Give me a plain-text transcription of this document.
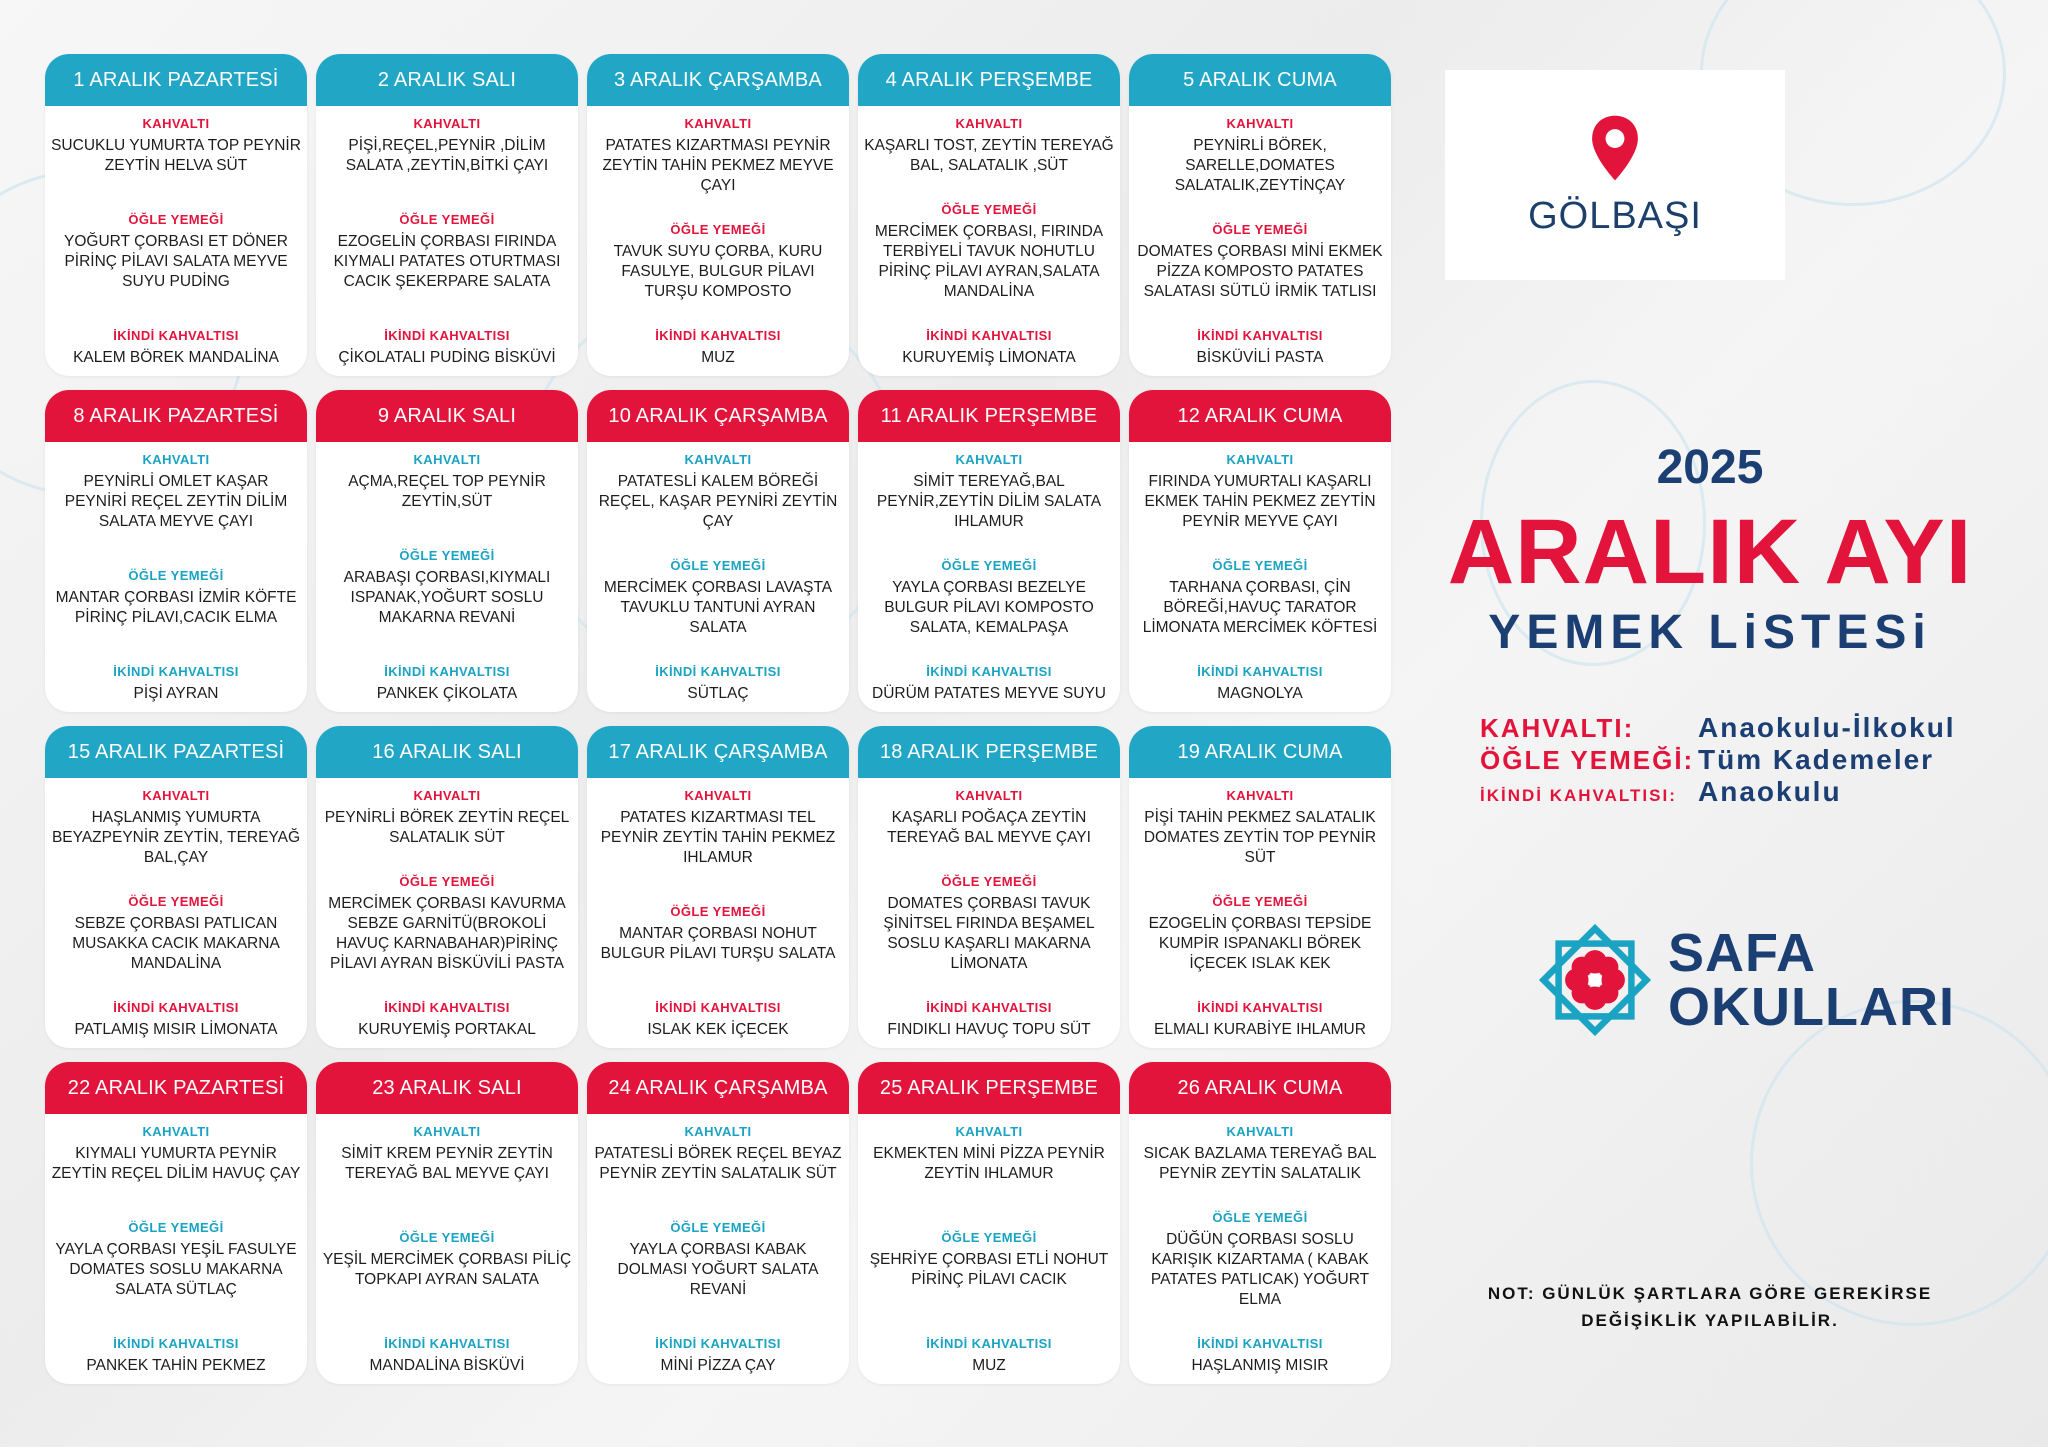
1 ARALIK PAZARTESİ
KAHVALTI
SUCUKLU YUMURTA TOP PEYNİR ZEYTİN HELVA SÜT
ÖĞLE YEMEĞİ
YOĞURT ÇORBASI ET DÖNER PİRİNÇ PİLAVI SALATA MEYVE SUYU PUDİNG
İKİNDİ KAHVALTISI
KALEM BÖREK MANDALİNA
2 ARALIK SALI
KAHVALTI
PİŞİ,REÇEL,PEYNİR ,DİLİM SALATA ,ZEYTİN,BİTKİ ÇAYI
ÖĞLE YEMEĞİ
EZOGELİN ÇORBASI FIRINDA KIYMALI PATATES OTURTMASI CACIK ŞEKERPARE SALATA
İKİNDİ KAHVALTISI
ÇİKOLATALI PUDİNG BİSKÜVİ
3 ARALIK ÇARŞAMBA
KAHVALTI
PATATES KIZARTMASI PEYNİR ZEYTİN TAHİN PEKMEZ MEYVE ÇAYI
ÖĞLE YEMEĞİ
TAVUK SUYU ÇORBA, KURU FASULYE, BULGUR PİLAVI TURŞU KOMPOSTO
İKİNDİ KAHVALTISI
MUZ
4 ARALIK PERŞEMBE
KAHVALTI
KAŞARLI TOST, ZEYTİN TEREYAĞ BAL, SALATALIK ,SÜT
ÖĞLE YEMEĞİ
MERCİMEK ÇORBASI, FIRINDA TERBİYELİ TAVUK NOHUTLU PİRİNÇ PİLAVI AYRAN,SALATA MANDALİNA
İKİNDİ KAHVALTISI
KURUYEMİŞ LİMONATA
5 ARALIK CUMA
KAHVALTI
PEYNİRLİ BÖREK, SARELLE,DOMATES SALATALIK,ZEYTİNÇAY
ÖĞLE YEMEĞİ
DOMATES ÇORBASI MİNİ EKMEK PİZZA KOMPOSTO PATATES SALATASI SÜTLÜ İRMİK TATLISI
İKİNDİ KAHVALTISI
BİSKÜVİLİ PASTA
8 ARALIK PAZARTESİ
KAHVALTI
PEYNİRLİ OMLET KAŞAR PEYNİRİ REÇEL ZEYTİN DİLİM SALATA MEYVE ÇAYI
ÖĞLE YEMEĞİ
MANTAR ÇORBASI İZMİR KÖFTE PİRİNÇ PİLAVI,CACIK ELMA
İKİNDİ KAHVALTISI
PİŞİ AYRAN
9 ARALIK SALI
KAHVALTI
AÇMA,REÇEL TOP PEYNİR ZEYTİN,SÜT
ÖĞLE YEMEĞİ
ARABAŞI ÇORBASI,KIYMALI ISPANAK,YOĞURT SOSLU MAKARNA REVANİ
İKİNDİ KAHVALTISI
PANKEK ÇİKOLATA
10 ARALIK ÇARŞAMBA
KAHVALTI
PATATESLİ KALEM BÖREĞİ REÇEL, KAŞAR PEYNİRİ ZEYTİN ÇAY
ÖĞLE YEMEĞİ
MERCİMEK ÇORBASI LAVAŞTA TAVUKLU TANTUNİ AYRAN SALATA
İKİNDİ KAHVALTISI
SÜTLAÇ
11 ARALIK PERŞEMBE
KAHVALTI
SİMİT TEREYAĞ,BAL PEYNİR,ZEYTİN DİLİM SALATA IHLAMUR
ÖĞLE YEMEĞİ
YAYLA ÇORBASI BEZELYE BULGUR PİLAVI KOMPOSTO SALATA, KEMALPAŞA
İKİNDİ KAHVALTISI
DÜRÜM PATATES MEYVE SUYU
12 ARALIK CUMA
KAHVALTI
FIRINDA YUMURTALI KAŞARLI EKMEK TAHİN PEKMEZ ZEYTİN PEYNİR MEYVE ÇAYI
ÖĞLE YEMEĞİ
TARHANA ÇORBASI, ÇİN BÖREĞİ,HAVUÇ TARATOR LİMONATA MERCİMEK KÖFTESİ
İKİNDİ KAHVALTISI
MAGNOLYA
15 ARALIK PAZARTESİ
KAHVALTI
HAŞLANMIŞ YUMURTA BEYAZPEYNİR ZEYTİN, TEREYAĞ BAL,ÇAY
ÖĞLE YEMEĞİ
SEBZE ÇORBASI PATLICAN MUSAKKA CACIK MAKARNA MANDALİNA
İKİNDİ KAHVALTISI
PATLAMIŞ MISIR LİMONATA
16 ARALIK SALI
KAHVALTI
PEYNİRLİ BÖREK ZEYTİN REÇEL SALATALIK SÜT
ÖĞLE YEMEĞİ
MERCİMEK ÇORBASI KAVURMA SEBZE GARNİTÜ(BROKOLİ HAVUÇ KARNABAHAR)PİRİNÇ PİLAVI AYRAN BİSKÜVİLİ PASTA
İKİNDİ KAHVALTISI
KURUYEMİŞ PORTAKAL
17 ARALIK ÇARŞAMBA
KAHVALTI
PATATES KIZARTMASI TEL PEYNİR ZEYTİN TAHİN PEKMEZ IHLAMUR
ÖĞLE YEMEĞİ
MANTAR ÇORBASI NOHUT BULGUR PİLAVI TURŞU SALATA
İKİNDİ KAHVALTISI
ISLAK KEK İÇECEK
18 ARALIK PERŞEMBE
KAHVALTI
KAŞARLI POĞAÇA ZEYTİN TEREYAĞ BAL MEYVE ÇAYI
ÖĞLE YEMEĞİ
DOMATES ÇORBASI TAVUK ŞİNİTSEL FIRINDA BEŞAMEL SOSLU KAŞARLI MAKARNA LİMONATA
İKİNDİ KAHVALTISI
FINDIKLI HAVUÇ TOPU SÜT
19 ARALIK CUMA
KAHVALTI
PİŞİ TAHİN PEKMEZ SALATALIK DOMATES ZEYTİN TOP PEYNİR SÜT
ÖĞLE YEMEĞİ
EZOGELİN ÇORBASI TEPSİDE KUMPİR ISPANAKLI BÖREK İÇECEK ISLAK KEK
İKİNDİ KAHVALTISI
ELMALI KURABİYE IHLAMUR
22 ARALIK PAZARTESİ
KAHVALTI
KIYMALI YUMURTA PEYNİR ZEYTİN REÇEL DİLİM HAVUÇ ÇAY
ÖĞLE YEMEĞİ
YAYLA ÇORBASI YEŞİL FASULYE DOMATES SOSLU MAKARNA SALATA SÜTLAÇ
İKİNDİ KAHVALTISI
PANKEK TAHİN PEKMEZ
23 ARALIK SALI
KAHVALTI
SİMİT KREM PEYNİR ZEYTİN TEREYAĞ BAL MEYVE ÇAYI
ÖĞLE YEMEĞİ
YEŞİL MERCİMEK ÇORBASI PİLİÇ TOPKAPI AYRAN SALATA
İKİNDİ KAHVALTISI
MANDALİNA BİSKÜVİ
24 ARALIK ÇARŞAMBA
KAHVALTI
PATATESLİ BÖREK REÇEL BEYAZ PEYNİR ZEYTİN SALATALIK SÜT
ÖĞLE YEMEĞİ
YAYLA ÇORBASI KABAK DOLMASI YOĞURT SALATA REVANİ
İKİNDİ KAHVALTISI
MİNİ PİZZA ÇAY
25 ARALIK PERŞEMBE
KAHVALTI
EKMEKTEN MİNİ PİZZA PEYNİR ZEYTİN IHLAMUR
ÖĞLE YEMEĞİ
ŞEHRİYE ÇORBASI ETLİ NOHUT PİRİNÇ PİLAVI CACIK
İKİNDİ KAHVALTISI
MUZ
26 ARALIK CUMA
KAHVALTI
SICAK BAZLAMA TEREYAĞ BAL PEYNİR ZEYTİN SALATALIK
ÖĞLE YEMEĞİ
DÜĞÜN ÇORBASI SOSLU KARIŞIK KIZARTAMA ( KABAK PATATES PATLICAK) YOĞURT ELMA
İKİNDİ KAHVALTISI
HAŞLANMIŞ MISIR
GÖLBAŞI
2025
ARALIK AYI
YEMEK LiSTESi
KAHVALTI:	Anaokulu-İlkokul
ÖĞLE YEMEĞİ: Tüm Kademeler
İKİNDİ KAHVALTISI: Anaokulu
SAFA
OKULLARI
NOT: GÜNLÜK ŞARTLARA GÖRE GEREKİRSE DEĞİŞİKLİK YAPILABİLİR.
